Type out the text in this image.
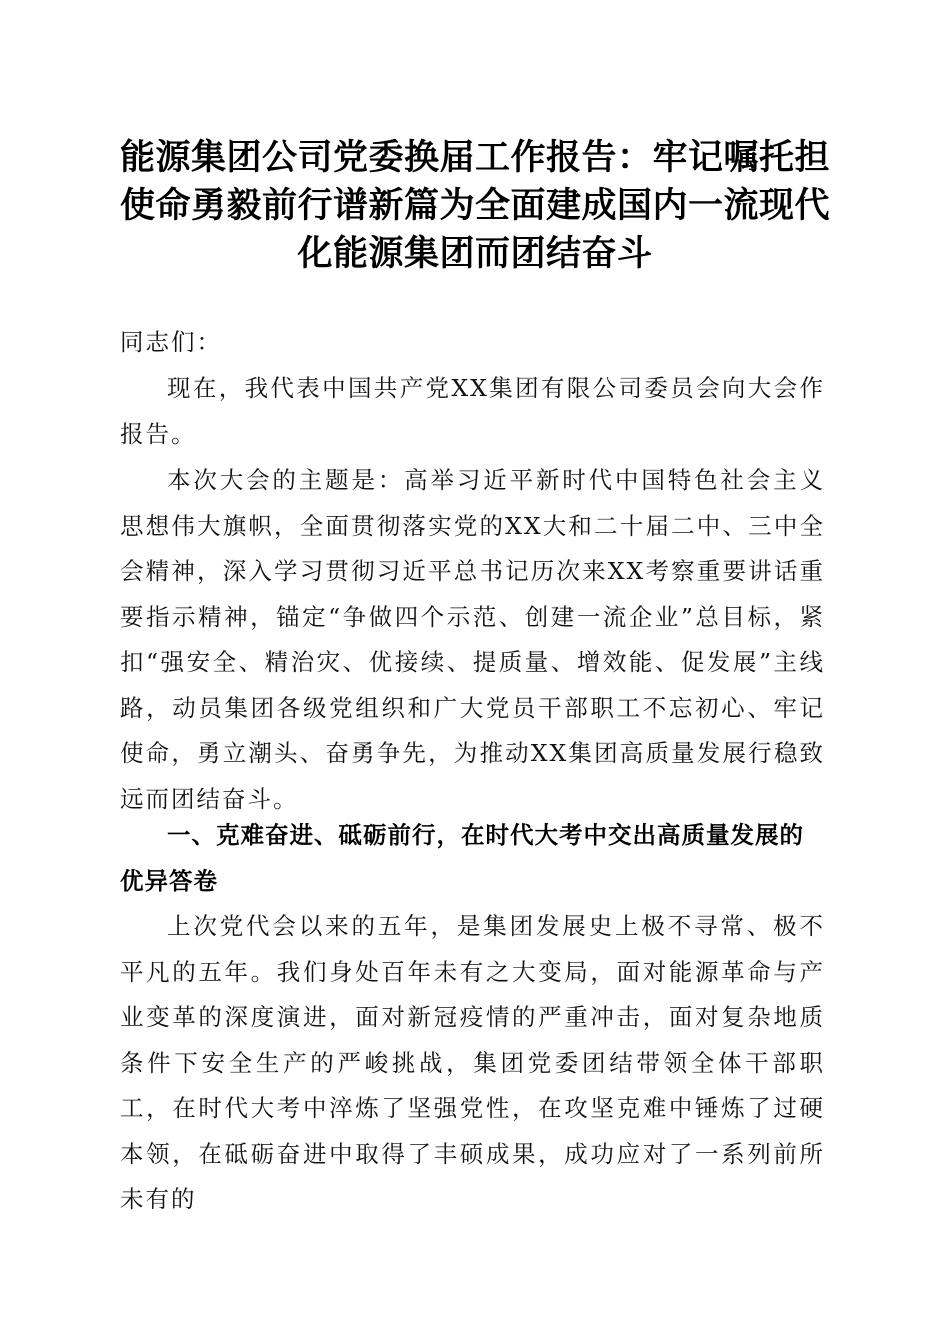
能源集团公司党委换届工作报告：牢记嘱托担使命勇毅前行谱新篇为全面建成国内一流现代化能源集团而团结奋斗
同志们：
现在，我代表中国共产党XX集团有限公司委员会向大会作报告。
本次大会的主题是：高举习近平新时代中国特色社会主义思想伟大旗帜，全面贯彻落实党的XX大和二十届二中、三中全会精神，深入学习贯彻习近平总书记历次来XX考察重要讲话重要指示精神，锚定“争做四个示范、创建一流企业”总目标，紧扣“强安全、精治灾、优接续、提质量、增效能、促发展”主线路，动员集团各级党组织和广大党员干部职工不忘初心、牢记使命，勇立潮头、奋勇争先，为推动XX集团高质量发展行稳致远而团结奋斗。
一、克难奋进、砥砺前行，在时代大考中交出高质量发展的优异答卷
上次党代会以来的五年，是集团发展史上极不寻常、极不平凡的五年。我们身处百年未有之大变局，面对能源革命与产业变革的深度演进，面对新冠疫情的严重冲击，面对复杂地质条件下安全生产的严峻挑战，集团党委团结带领全体干部职工，在时代大考中淬炼了坚强党性，在攻坚克难中锤炼了过硬本领，在砥砺奋进中取得了丰硕成果，成功应对了一系列前所未有的
